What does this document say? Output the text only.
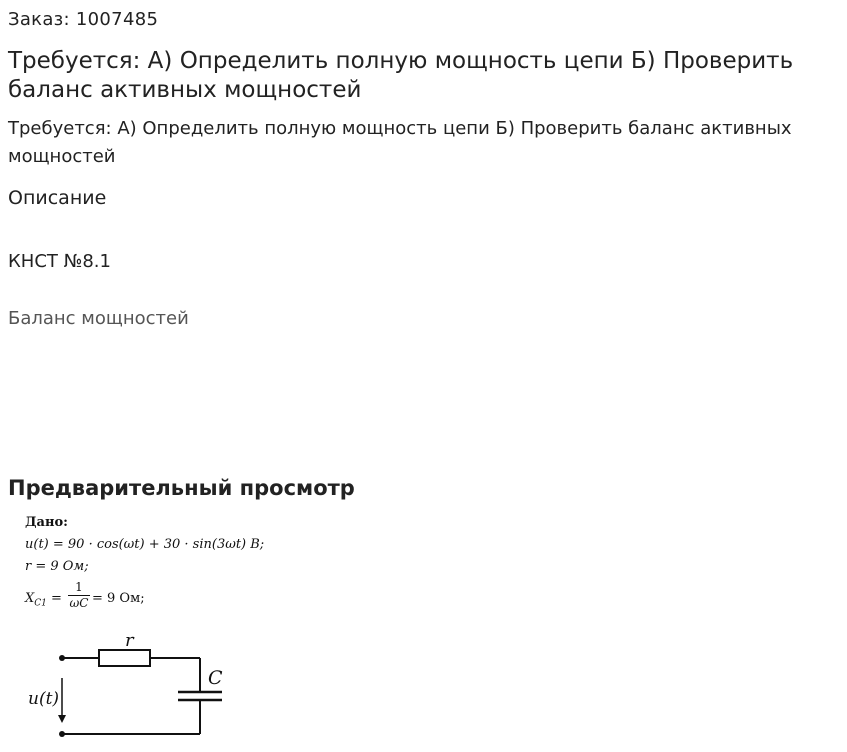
Заказ: 1007485
Требуется: А) Определить полную мощность цепи Б) Проверить баланс активных мощностей
Требуется: А) Определить полную мощность цепи Б) Проверить баланс активных мощностей
Описание
КНСТ №8.1
Баланс мощностей
Предварительный просмотр
Дано:
u(t) = 90 · cos(ωt) + 30 · sin(3ωt) B;
r = 9 Ом;
$X_{C1} = \frac{1}{\omega C} = 9$ Ом;
r
C
u(t)
